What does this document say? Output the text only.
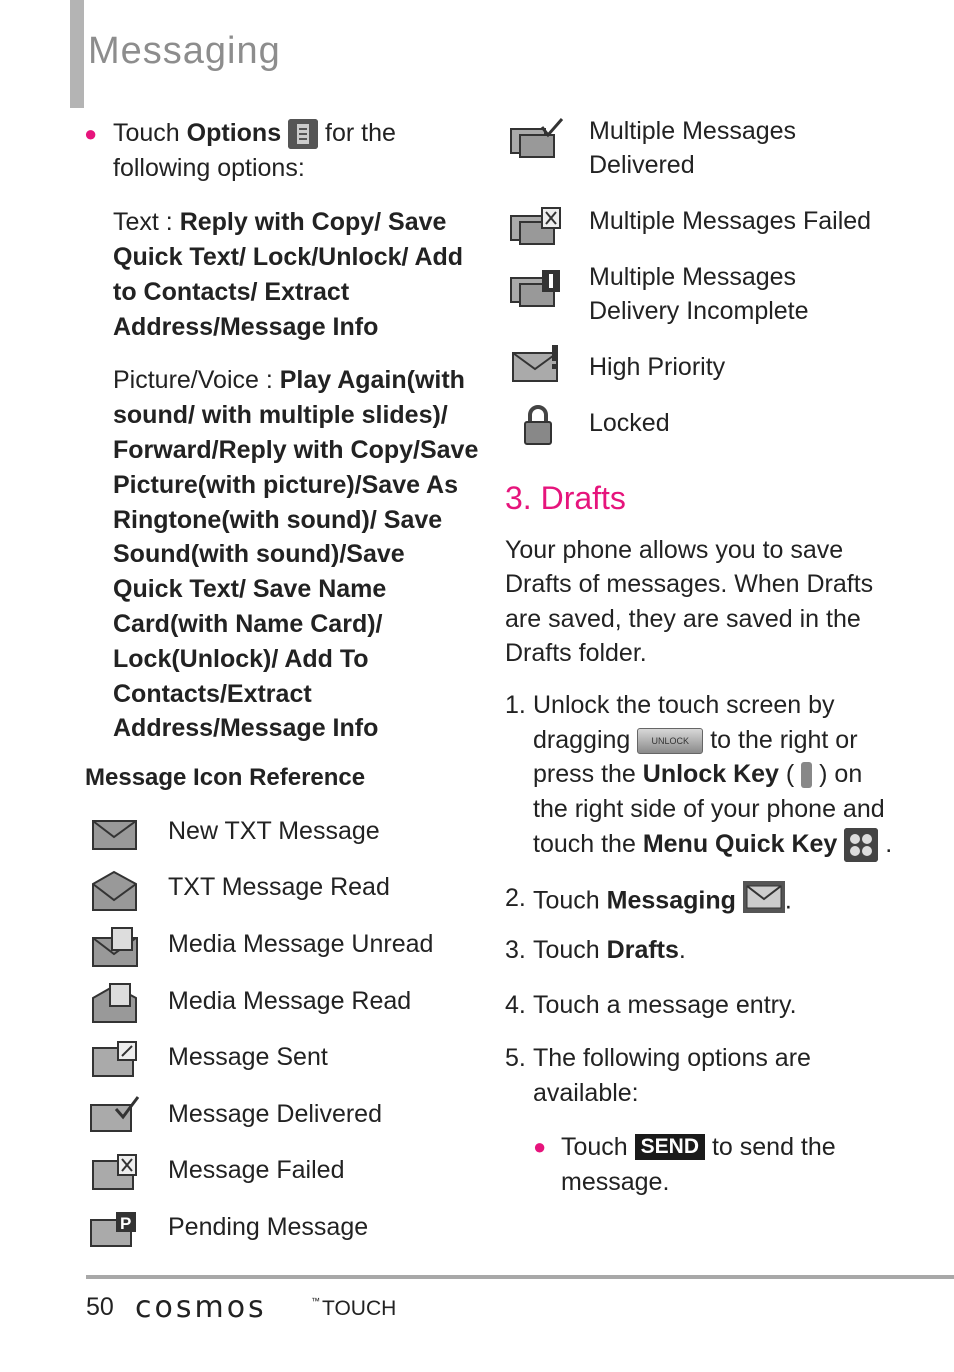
Messaging
● Touch Options  for the
following options:
Text : Reply with Copy/ Save
Quick Text/ Lock/Unlock/ Add
to Contacts/ Extract
Address/Message Info
Picture/Voice : Play Again(with
sound/ with multiple slides)/
Forward/Reply with Copy/Save
Picture(with picture)/Save As
Ringtone(with sound)/ Save
Sound(with sound)/Save
Quick Text/ Save Name
Card(with Name Card)/
Lock(Unlock)/ Add To
Contacts/Extract
Address/Message Info
Message Icon Reference
New TXT Message
TXT Message Read
Media Message Unread
Media Message Read
Message Sent
Message Delivered
Message Failed
P Pending Message
Multiple Messages
Delivered
Multiple Messages Failed
Multiple Messages
Delivery Incomplete
High Priority
Locked
3. Drafts
Your phone allows you to save
Drafts of messages. When Drafts
are saved, they are saved in the
Drafts folder.
1. Unlock the touch screen by
dragging UNLOCK to the right or
press the Unlock Key ( ) on
the right side of your phone and
touch the Menu Quick Key .
2. Touch Messaging .
3. Touch Drafts.
4. Touch a message entry.
5. The following options are
available:
● Touch SEND to send the
message.
50 cosmos	™ TOUCH
